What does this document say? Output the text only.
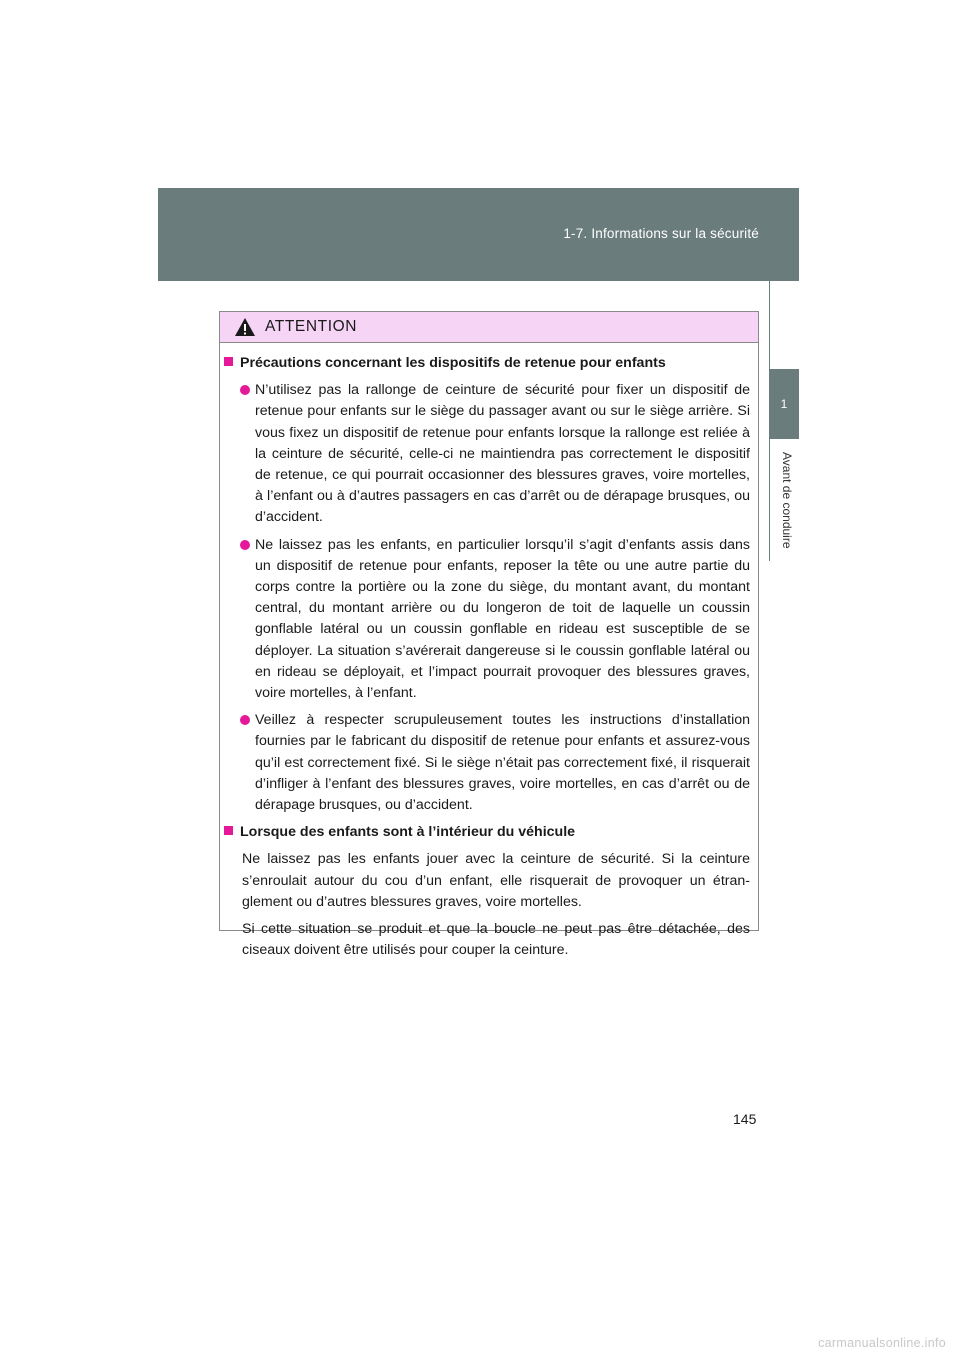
1-7. Informations sur la sécurité
1
Avant de conduire
ATTENTION
Précautions concernant les dispositifs de retenue pour enfants
N’utilisez pas la rallonge de ceinture de sécurité pour fixer un dispositif de retenue pour enfants sur le siège du passager avant ou sur le siège arrière. Si vous fixez un dispositif de retenue pour enfants lorsque la rallonge est reliée à la ceinture de sécurité, celle-ci ne maintiendra pas correctement le dispositif de retenue, ce qui pourrait occasionner des blessures graves, voire mortelles, à l’enfant ou à d’autres passagers en cas d’arrêt ou de dérapage brusques, ou d’accident.
Ne laissez pas les enfants, en particulier lorsqu’il s’agit d’enfants assis dans un dispositif de retenue pour enfants, reposer la tête ou une autre partie du corps contre la portière ou la zone du siège, du montant avant, du montant central, du montant arrière ou du longeron de toit de laquelle un coussin gonflable latéral ou un coussin gonflable en rideau est susceptible de se déployer. La situation s’avérerait dangereuse si le coussin gonflable latéral ou en rideau se déployait, et l’impact pourrait provoquer des blessures graves, voire mortelles, à l’enfant.
Veillez à respecter scrupuleusement toutes les instructions d’installation fournies par le fabricant du dispositif de retenue pour enfants et assurez-vous qu’il est correctement fixé. Si le siège n’était pas correctement fixé, il risquerait d’infliger à l’enfant des blessures graves, voire mortelles, en cas d’arrêt ou de dérapage brusques, ou d’accident.
Lorsque des enfants sont à l’intérieur du véhicule
Ne laissez pas les enfants jouer avec la ceinture de sécurité. Si la ceinture s’enroulait autour du cou d’un enfant, elle risquerait de provoquer un étran-glement ou d’autres blessures graves, voire mortelles.
Si cette situation se produit et que la boucle ne peut pas être détachée, des ciseaux doivent être utilisés pour couper la ceinture.
145
carmanualsonline.info
